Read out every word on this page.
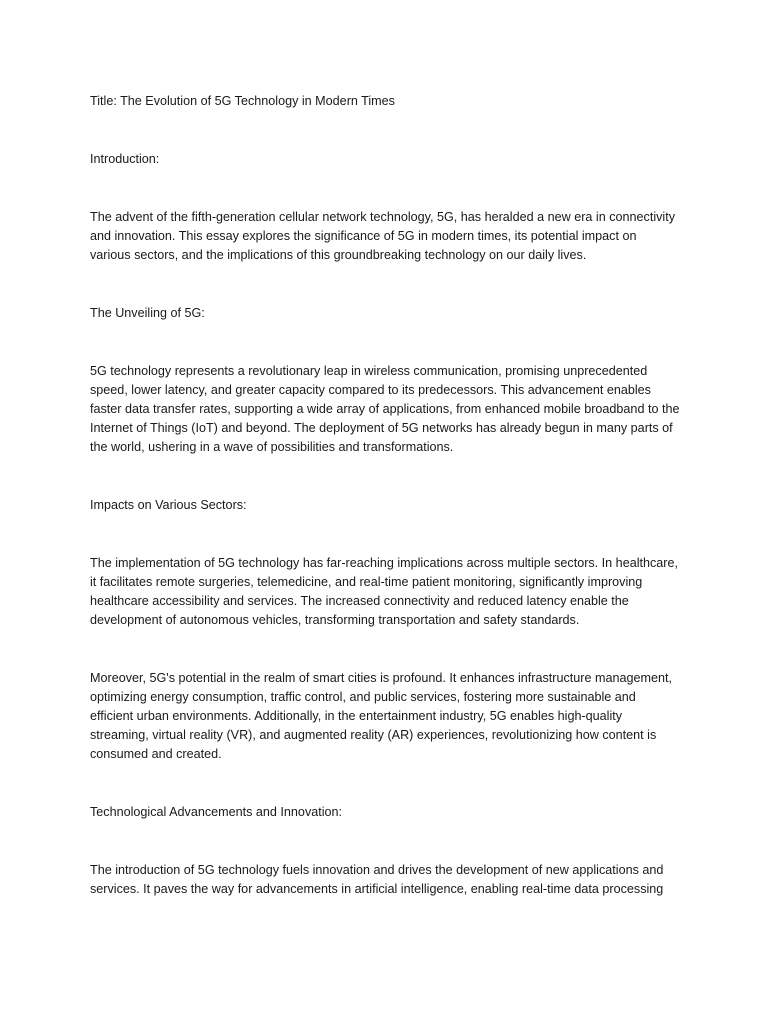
Title: The Evolution of 5G Technology in Modern Times

Introduction:

The advent of the fifth-generation cellular network technology, 5G, has heralded a new era in connectivity and innovation. This essay explores the significance of 5G in modern times, its potential impact on various sectors, and the implications of this groundbreaking technology on our daily lives.

The Unveiling of 5G:

5G technology represents a revolutionary leap in wireless communication, promising unprecedented speed, lower latency, and greater capacity compared to its predecessors. This advancement enables faster data transfer rates, supporting a wide array of applications, from enhanced mobile broadband to the Internet of Things (IoT) and beyond. The deployment of 5G networks has already begun in many parts of the world, ushering in a wave of possibilities and transformations.

Impacts on Various Sectors:

The implementation of 5G technology has far-reaching implications across multiple sectors. In healthcare, it facilitates remote surgeries, telemedicine, and real-time patient monitoring, significantly improving healthcare accessibility and services. The increased connectivity and reduced latency enable the development of autonomous vehicles, transforming transportation and safety standards.

Moreover, 5G's potential in the realm of smart cities is profound. It enhances infrastructure management, optimizing energy consumption, traffic control, and public services, fostering more sustainable and efficient urban environments. Additionally, in the entertainment industry, 5G enables high-quality streaming, virtual reality (VR), and augmented reality (AR) experiences, revolutionizing how content is consumed and created.

Technological Advancements and Innovation:

The introduction of 5G technology fuels innovation and drives the development of new applications and services. It paves the way for advancements in artificial intelligence, enabling real-time data processing
